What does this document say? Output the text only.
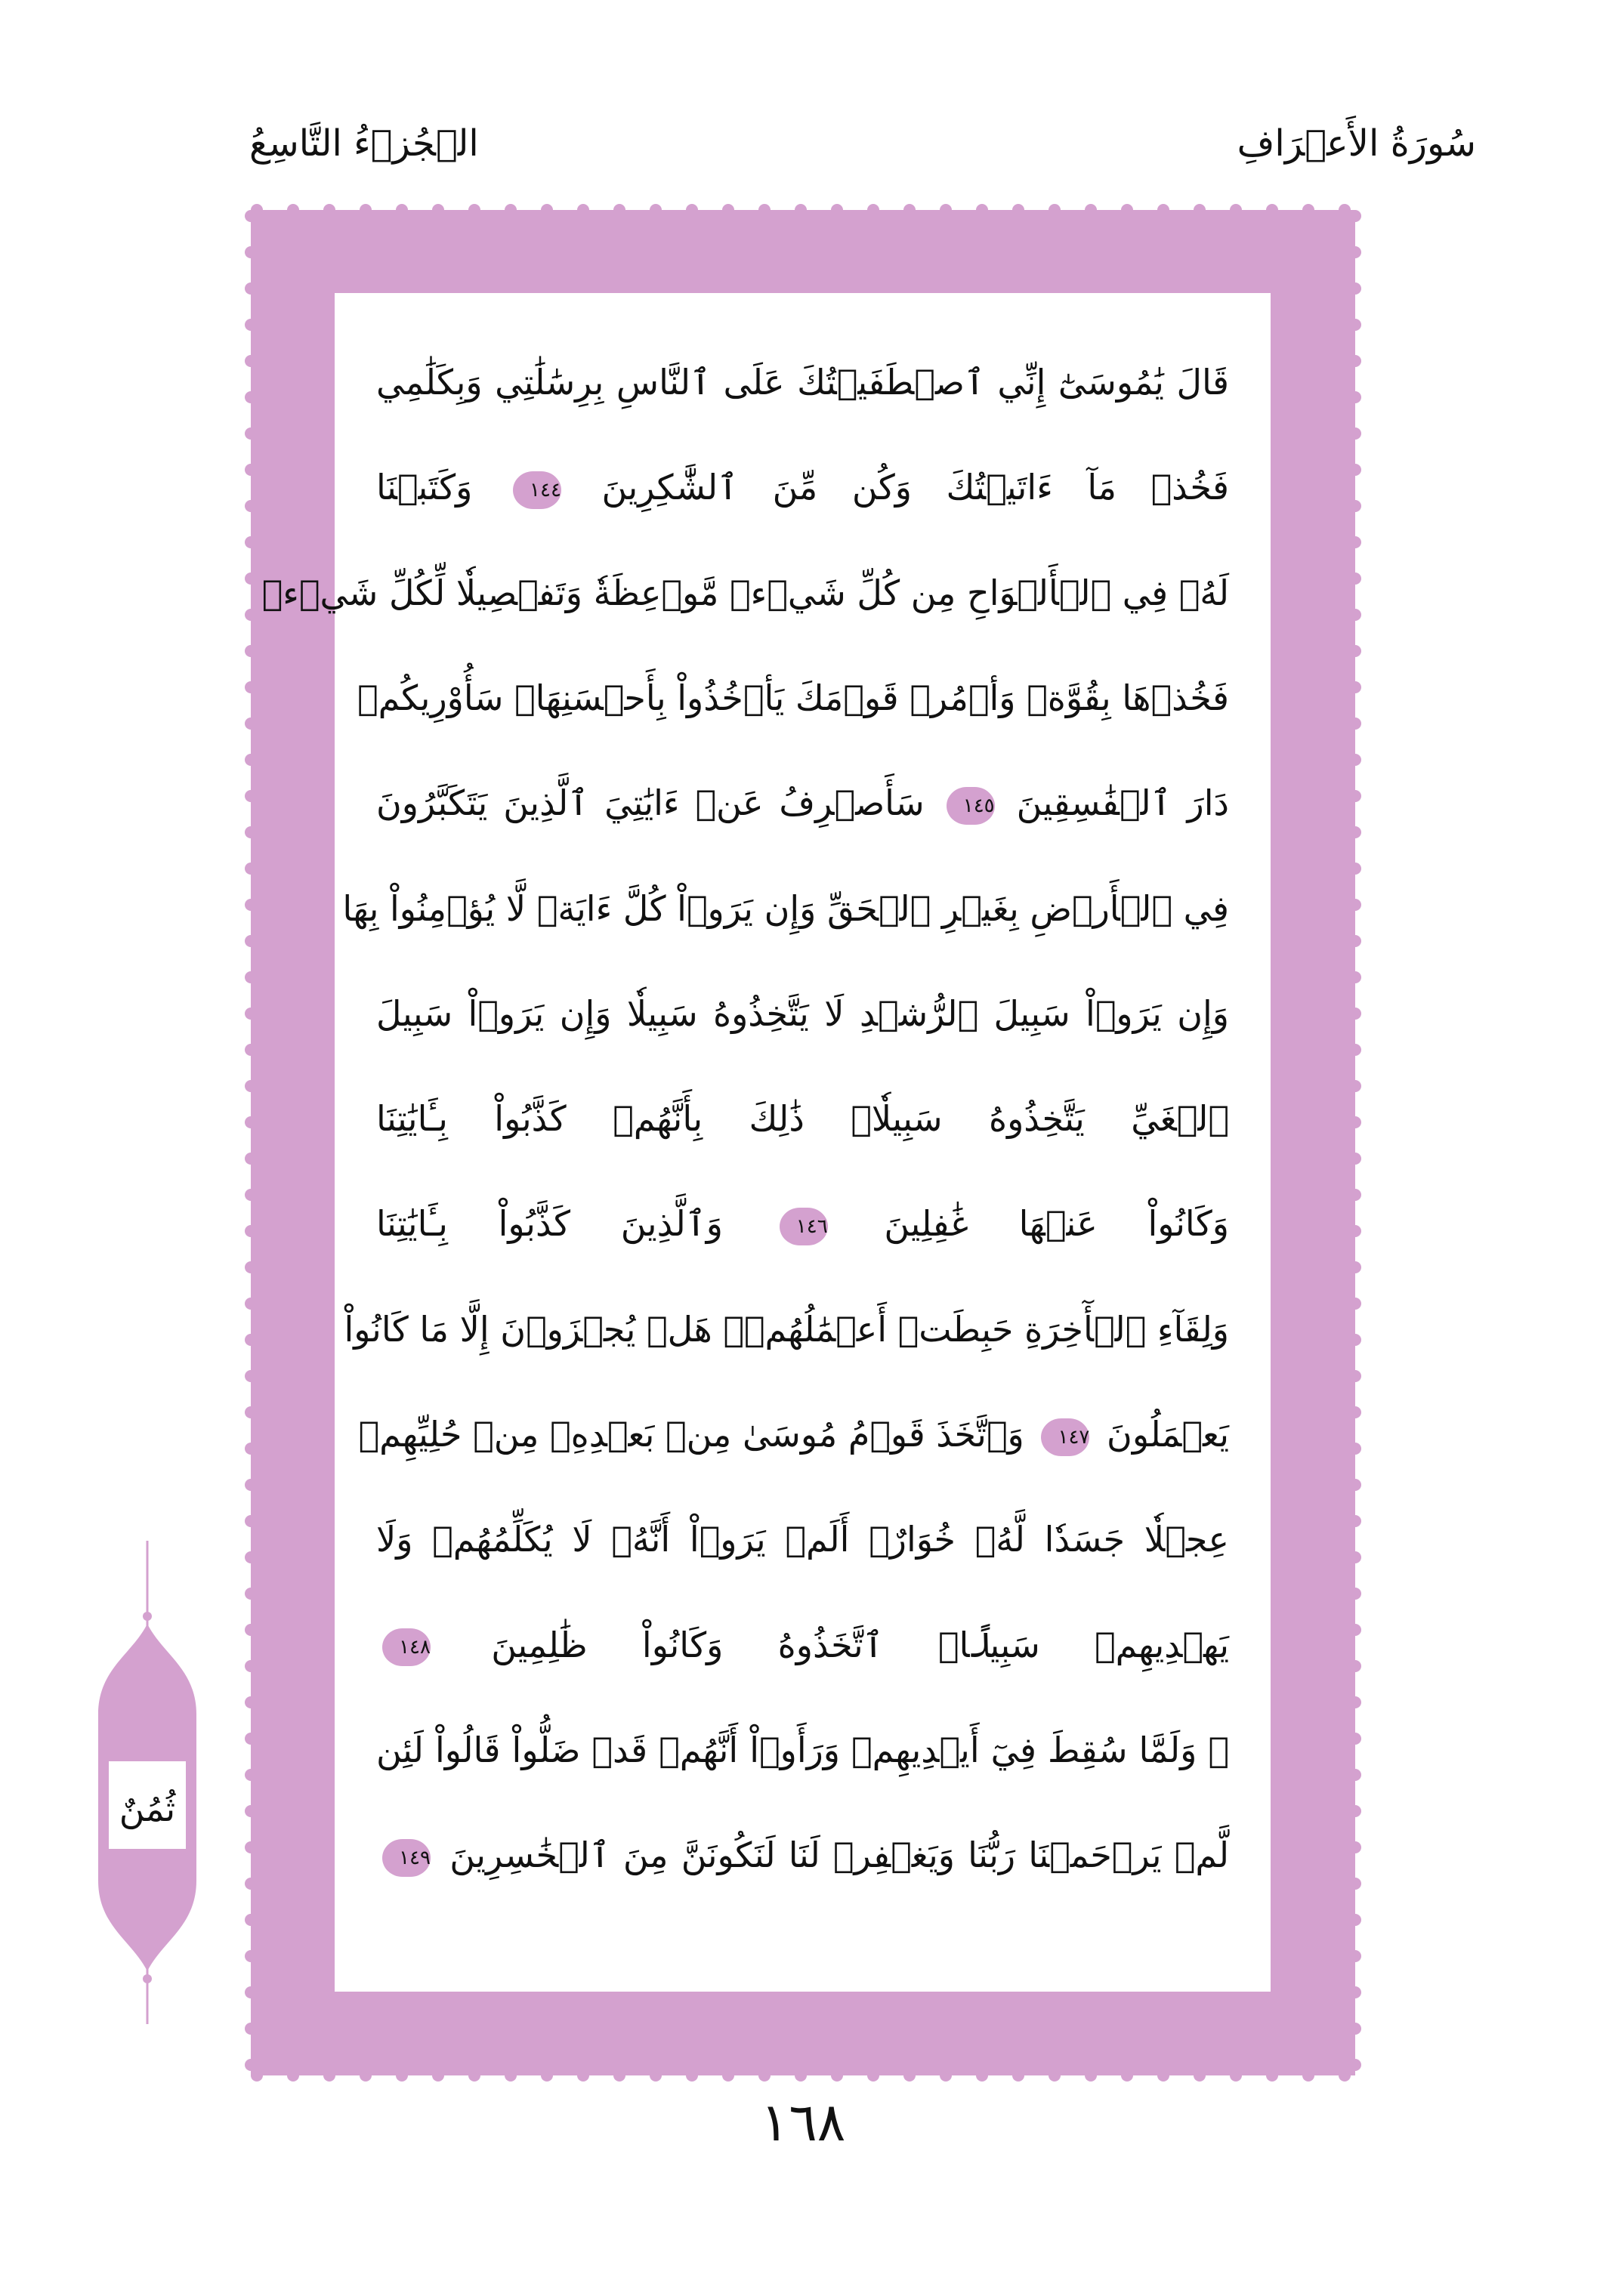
سُورَةُ الأَعۡرَافِ
الۡجُزۡءُ التَّاسِعُ
قَالَ يَٰمُوسَىٰٓ إِنِّي ٱصۡطَفَيۡتُكَ عَلَى ٱلنَّاسِ بِرِسَٰلَٰتِي وَبِكَلَٰمِي
فَخُذۡ مَآ ءَاتَيۡتُكَ وَكُن مِّنَ ٱلشَّٰكِرِينَ ١٤٤ وَكَتَبۡنَا
لَهُۥ فِي ٱلۡأَلۡوَاحِ مِن كُلِّ شَيۡءٖ مَّوۡعِظَةٗ وَتَفۡصِيلٗا لِّكُلِّ شَيۡءٖ
فَخُذۡهَا بِقُوَّةٖ وَأۡمُرۡ قَوۡمَكَ يَأۡخُذُواْ بِأَحۡسَنِهَاۚ سَأُوْرِيكُمۡ
دَارَ ٱلۡفَٰسِقِينَ ١٤٥ سَأَصۡرِفُ عَنۡ ءَايَٰتِيَ ٱلَّذِينَ يَتَكَبَّرُونَ
فِي ٱلۡأَرۡضِ بِغَيۡرِ ٱلۡحَقِّ وَإِن يَرَوۡاْ كُلَّ ءَايَةٖ لَّا يُؤۡمِنُواْ بِهَا
وَإِن يَرَوۡاْ سَبِيلَ ٱلرُّشۡدِ لَا يَتَّخِذُوهُ سَبِيلٗا وَإِن يَرَوۡاْ سَبِيلَ
ٱلۡغَيِّ يَتَّخِذُوهُ سَبِيلٗاۚ ذَٰلِكَ بِأَنَّهُمۡ كَذَّبُواْ بِـَٔايَٰتِنَا
وَكَانُواْ عَنۡهَا غَٰفِلِينَ ١٤٦ وَٱلَّذِينَ كَذَّبُواْ بِـَٔايَٰتِنَا
وَلِقَآءِ ٱلۡأٓخِرَةِ حَبِطَتۡ أَعۡمَٰلُهُمۡۚ هَلۡ يُجۡزَوۡنَ إِلَّا مَا كَانُواْ
يَعۡمَلُونَ ١٤٧ وَٱتَّخَذَ قَوۡمُ مُوسَىٰ مِنۢ بَعۡدِهِۦ مِنۡ حُلِيِّهِمۡ
عِجۡلٗا جَسَدٗا لَّهُۥ خُوَارٌۚ أَلَمۡ يَرَوۡاْ أَنَّهُۥ لَا يُكَلِّمُهُمۡ وَلَا
يَهۡدِيهِمۡ سَبِيلًاۘ ٱتَّخَذُوهُ وَكَانُواْ ظَٰلِمِينَ ١٤٨
۞ وَلَمَّا سُقِطَ فِيٓ أَيۡدِيهِمۡ وَرَأَوۡاْ أَنَّهُمۡ قَدۡ ضَلُّواْ قَالُواْ لَئِن
لَّمۡ يَرۡحَمۡنَا رَبُّنَا وَيَغۡفِرۡ لَنَا لَنَكُونَنَّ مِنَ ٱلۡخَٰسِرِينَ ١٤٩
ثُمُنٌ
١٦٨
